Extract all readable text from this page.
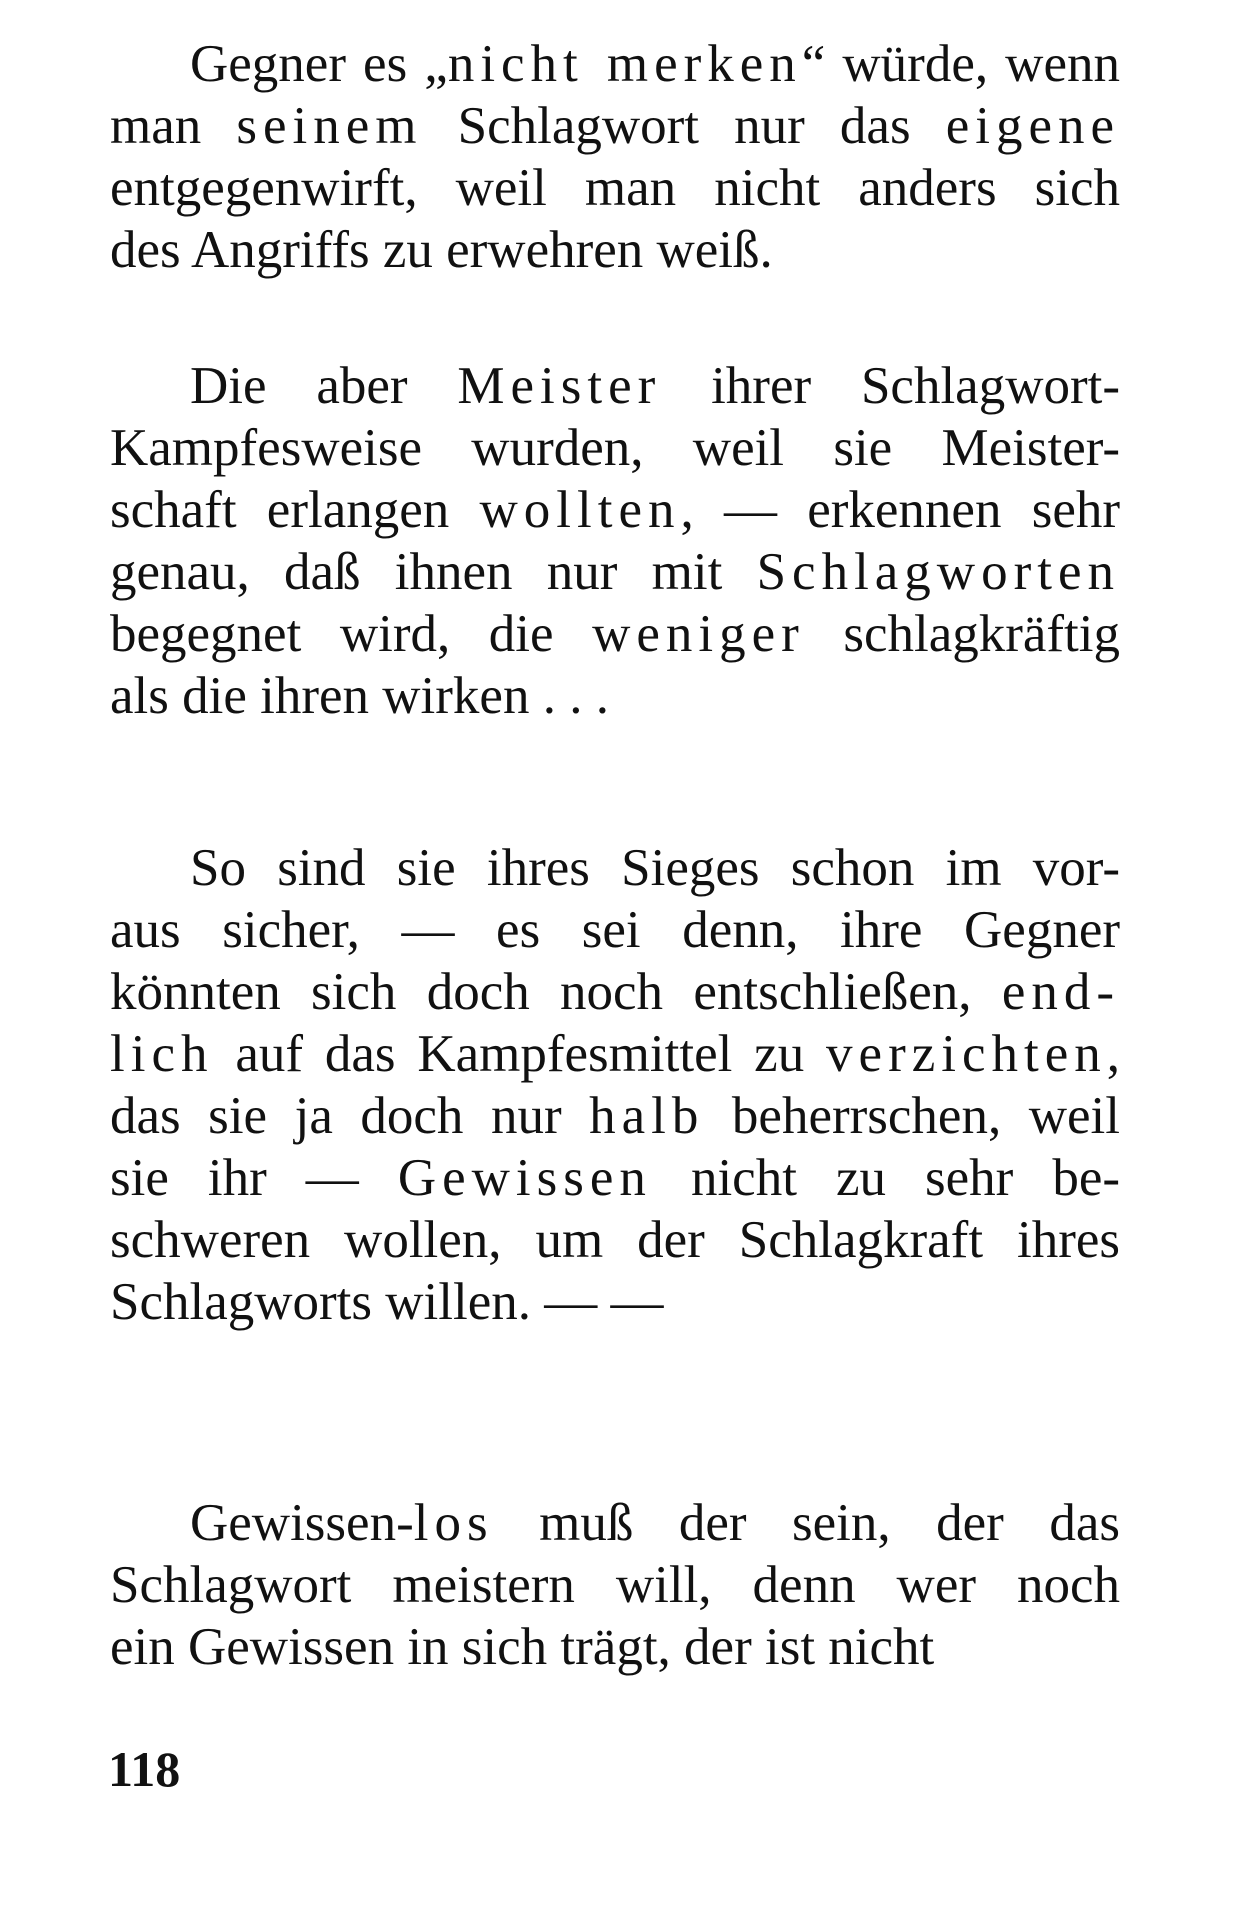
Gegner es „nicht merken“ würde, wenn
man seinem Schlagwort nur das eigene
entgegenwirft, weil man nicht anders sich
des Angriffs zu erwehren weiß.
Die aber Meister ihrer Schlagwort-
Kampfesweise wurden, weil sie Meister-
schaft erlangen wollten, — erkennen sehr
genau, daß ihnen nur mit Schlagworten
begegnet wird, die weniger schlagkräftig
als die ihren wirken . . .
So sind sie ihres Sieges schon im vor-
aus sicher, — es sei denn, ihre Gegner
könnten sich doch noch entschließen, end-
lich auf das Kampfesmittel zu verzichten,
das sie ja doch nur halb beherrschen, weil
sie ihr — Gewissen nicht zu sehr be-
schweren wollen, um der Schlagkraft ihres
Schlagworts willen. — —
Gewissen-los muß der sein, der das
Schlagwort meistern will, denn wer noch
ein Gewissen in sich trägt, der ist nicht
118
